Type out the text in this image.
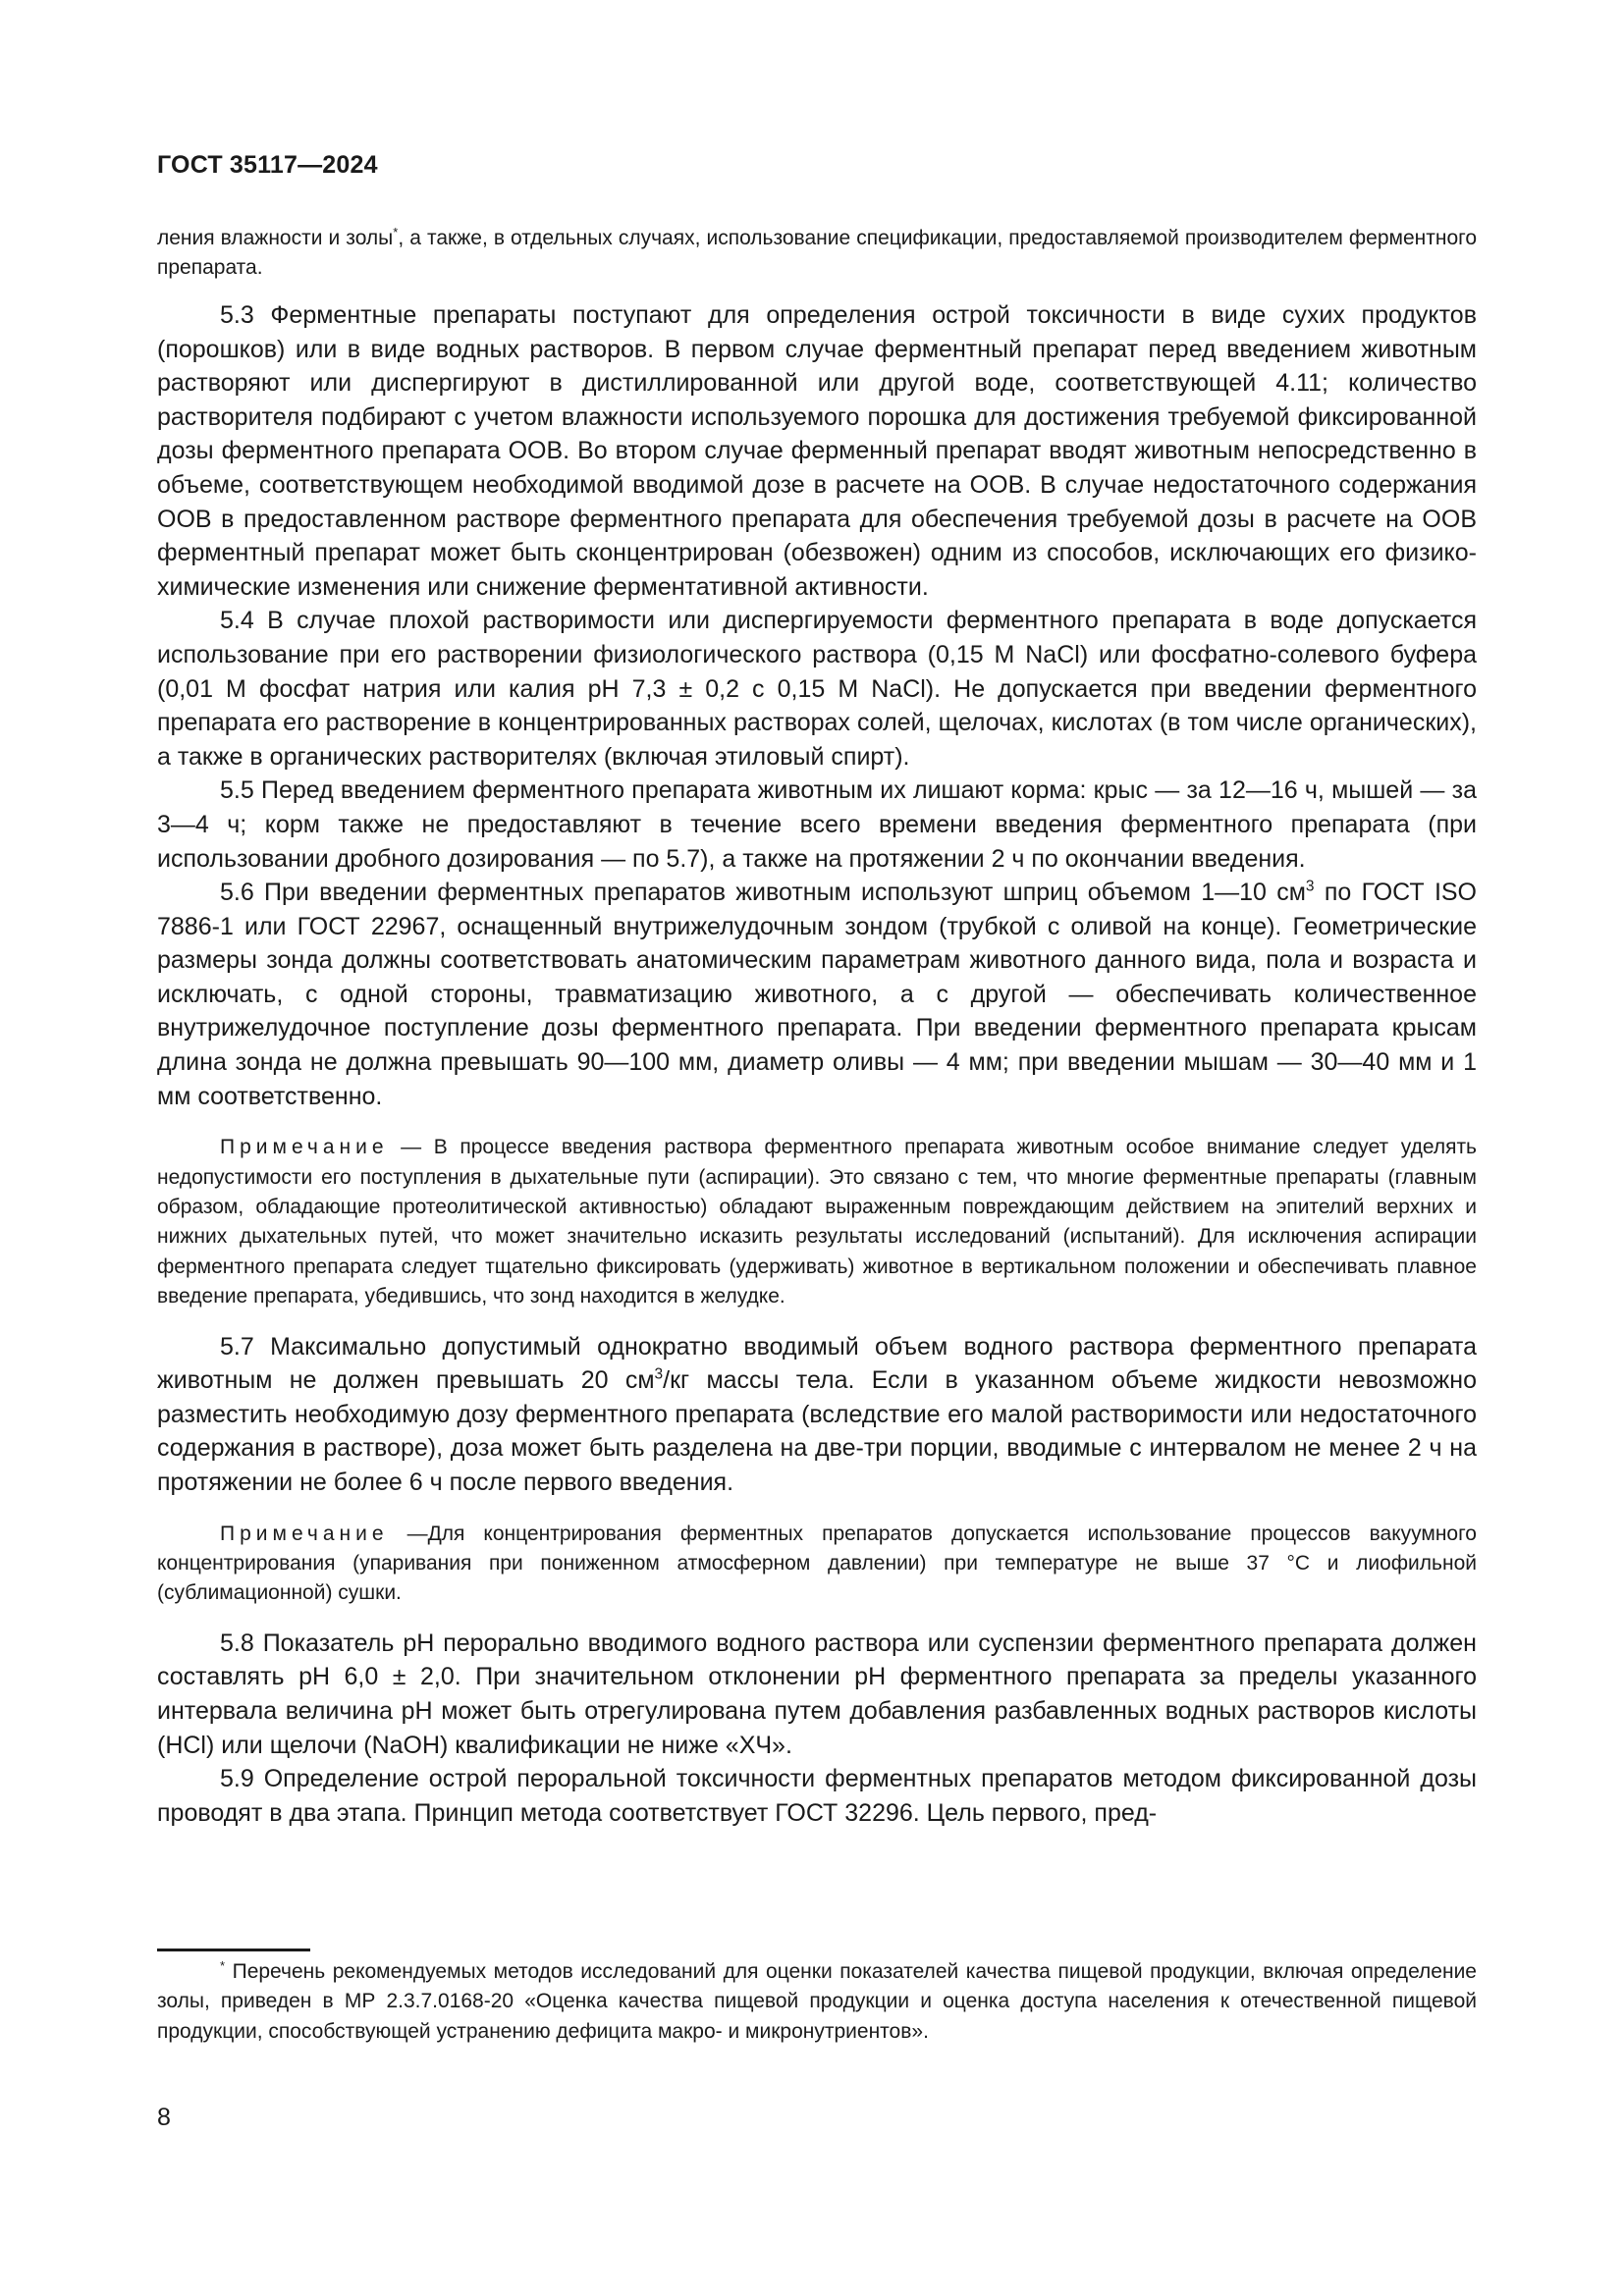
ГОСТ 35117—2024

ления влажности и золы*, а также, в отдельных случаях, использование спецификации, предоставляемой производителем ферментного препарата.

5.3 Ферментные препараты поступают для определения острой токсичности в виде сухих продуктов (порошков) или в виде водных растворов. В первом случае ферментный препарат перед введением животным растворяют или диспергируют в дистиллированной или другой воде, соответствующей 4.11; количество растворителя подбирают с учетом влажности используемого порошка для достижения требуемой фиксированной дозы ферментного препарата ООВ. Во втором случае ферменный препарат вводят животным непосредственно в объеме, соответствующем необходимой вводимой дозе в расчете на ООВ. В случае недостаточного содержания ООВ в предоставленном растворе ферментного препарата для обеспечения требуемой дозы в расчете на ООВ ферментный препарат может быть сконцентрирован (обезвожен) одним из способов, исключающих его физико-химические изменения или снижение ферментативной активности.

5.4 В случае плохой растворимости или диспергируемости ферментного препарата в воде допускается использование при его растворении физиологического раствора (0,15 М NaCl) или фосфатно-солевого буфера (0,01 М фосфат натрия или калия рН 7,3 ± 0,2 с 0,15 М NaCl). Не допускается при введении ферментного препарата его растворение в концентрированных растворах солей, щелочах, кислотах (в том числе органических), а также в органических растворителях (включая этиловый спирт).

5.5 Перед введением ферментного препарата животным их лишают корма: крыс — за 12—16 ч, мышей — за 3—4 ч; корм также не предоставляют в течение всего времени введения ферментного препарата (при использовании дробного дозирования — по 5.7), а также на протяжении 2 ч по окончании введения.

5.6 При введении ферментных препаратов животным используют шприц объемом 1—10 $см^3$ по ГОСТ ISO 7886-1 или ГОСТ 22967, оснащенный внутрижелудочным зондом (трубкой с оливой на конце). Геометрические размеры зонда должны соответствовать анатомическим параметрам животного данного вида, пола и возраста и исключать, с одной стороны, травматизацию животного, а с другой — обеспечивать количественное внутрижелудочное поступление дозы ферментного препарата. При введении ферментного препарата крысам длина зонда не должна превышать 90—100 мм, диаметр оливы — 4 мм; при введении мышам — 30—40 мм и 1 мм соответственно.

Примечание — В процессе введения раствора ферментного препарата животным особое внимание следует уделять недопустимости его поступления в дыхательные пути (аспирации). Это связано с тем, что многие ферментные препараты (главным образом, обладающие протеолитической активностью) обладают выраженным повреждающим действием на эпителий верхних и нижних дыхательных путей, что может значительно исказить результаты исследований (испытаний). Для исключения аспирации ферментного препарата следует тщательно фиксировать (удерживать) животное в вертикальном положении и обеспечивать плавное введение препарата, убедившись, что зонд находится в желудке.

5.7 Максимально допустимый однократно вводимый объем водного раствора ферментного препарата животным не должен превышать 20 $см^3/кг$ массы тела. Если в указанном объеме жидкости невозможно разместить необходимую дозу ферментного препарата (вследствие его малой растворимости или недостаточного содержания в растворе), доза может быть разделена на две-три порции, вводимые с интервалом не менее 2 ч на протяжении не более 6 ч после первого введения.

Примечание —Для концентрирования ферментных препаратов допускается использование процессов вакуумного концентрирования (упаривания при пониженном атмосферном давлении) при температуре не выше 37 °С и лиофильной (сублимационной) сушки.

5.8 Показатель рН перорально вводимого водного раствора или суспензии ферментного препарата должен составлять рН 6,0 ± 2,0. При значительном отклонении рН ферментного препарата за пределы указанного интервала величина рН может быть отрегулирована путем добавления разбавленных водных растворов кислоты (HCl) или щелочи (NaOH) квалификации не ниже «ХЧ».

5.9 Определение острой пероральной токсичности ферментных препаратов методом фиксированной дозы проводят в два этапа. Принцип метода соответствует ГОСТ 32296. Цель первого, пред-

* Перечень рекомендуемых методов исследований для оценки показателей качества пищевой продукции, включая определение золы, приведен в МР 2.3.7.0168-20 «Оценка качества пищевой продукции и оценка доступа населения к отечественной пищевой продукции, способствующей устранению дефицита макро- и микронутриентов».

8
